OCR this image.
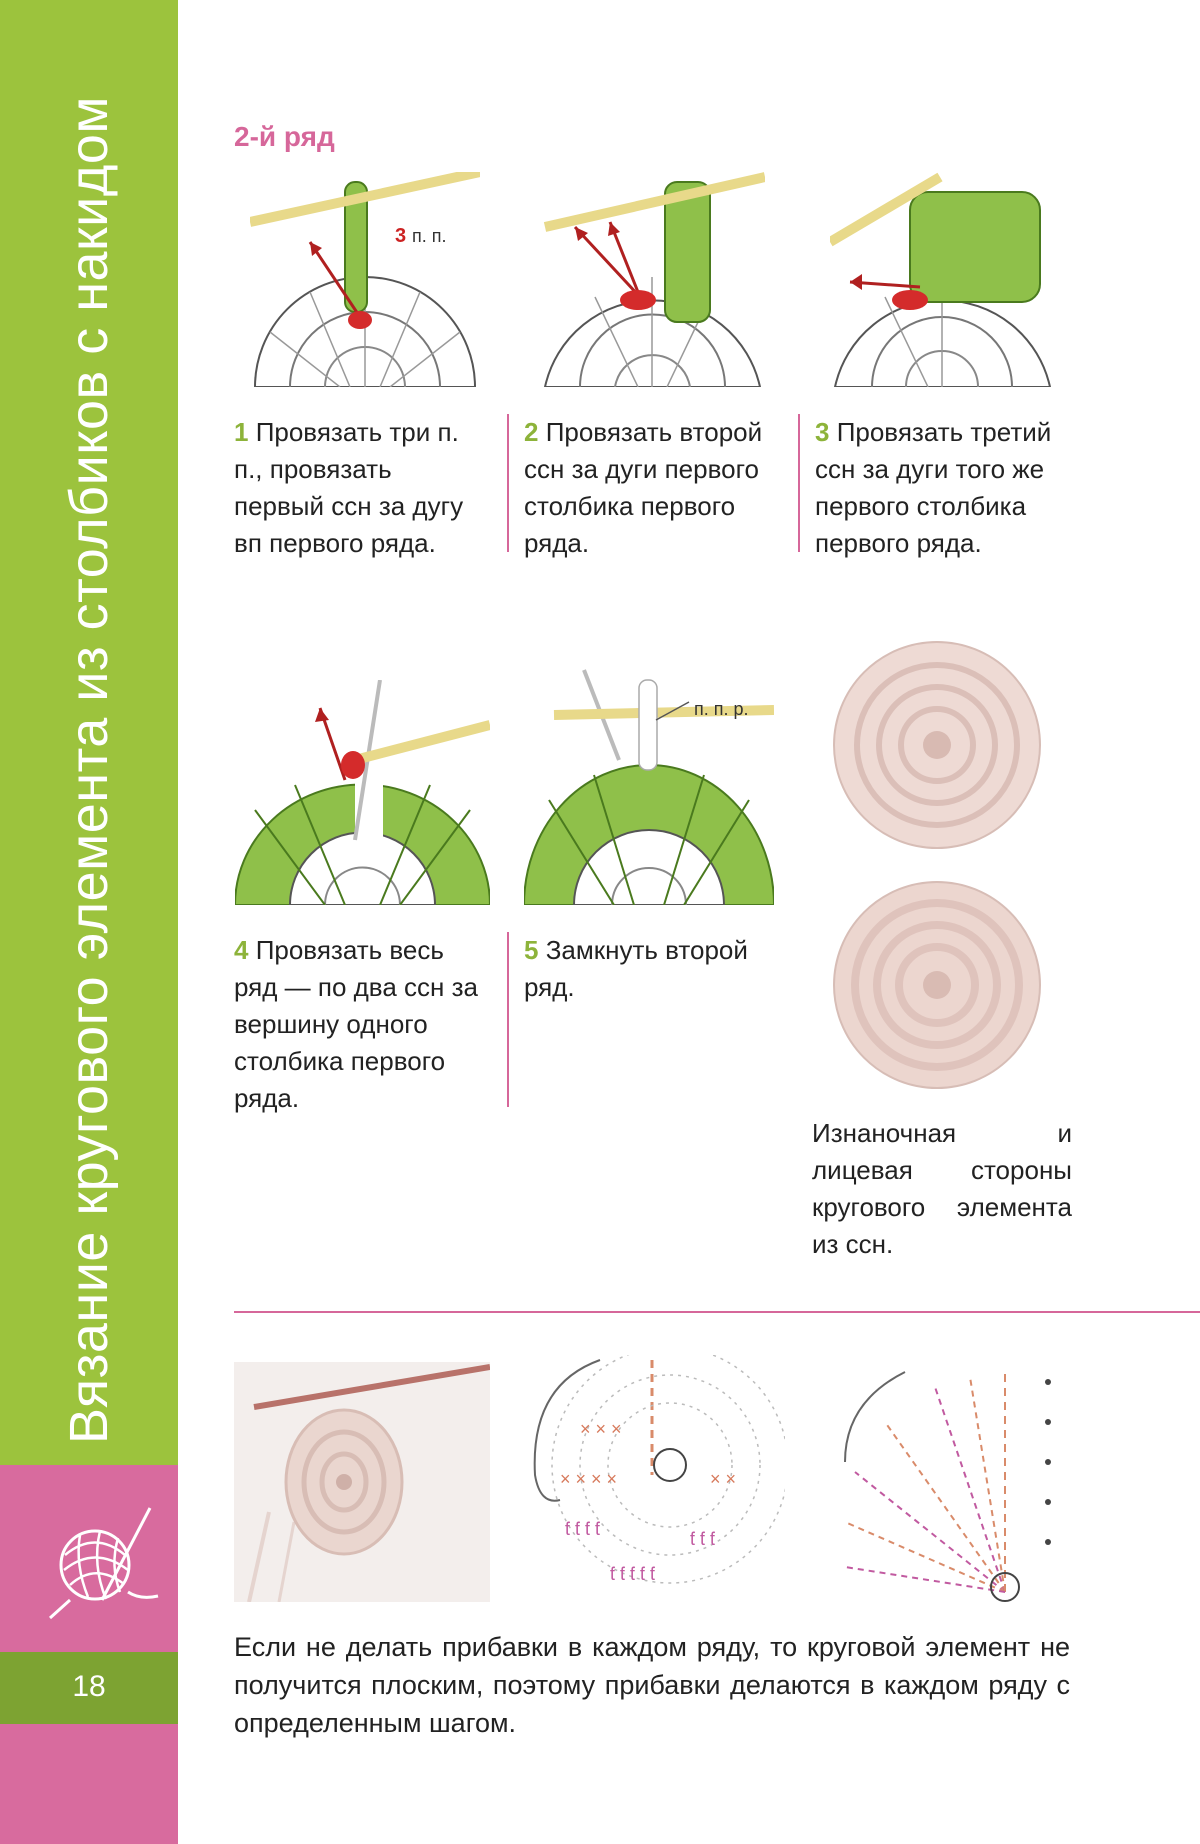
Вязание кругового элемента из столбиков с накидом
18
2-й ряд
3 п. п.
1 Провязать три п. п., провязать первый ссн за дугу вп первого ряда.
2 Провязать второй ссн за дуги первого столбика первого ряда.
3 Провязать третий ссн за дуги того же первого столбика первого ряда.
п. п. р.
4 Провязать весь ряд — по два ссн за вершину одного столбика первого ряда.
5 Замкнуть второй ряд.
Изнаночная и лицевая стороны кругового элемента из ссн.
× × ×
× × × ×
ƭ ƭ ƭ ƭ
ƭ ƭ ƭ ƭ ƭ
ƭ ƭ ƭ
× ×
Если не делать прибавки в каждом ряду, то круговой элемент не получится плоским, поэтому прибавки делаются в каждом ряду с определенным шагом.
